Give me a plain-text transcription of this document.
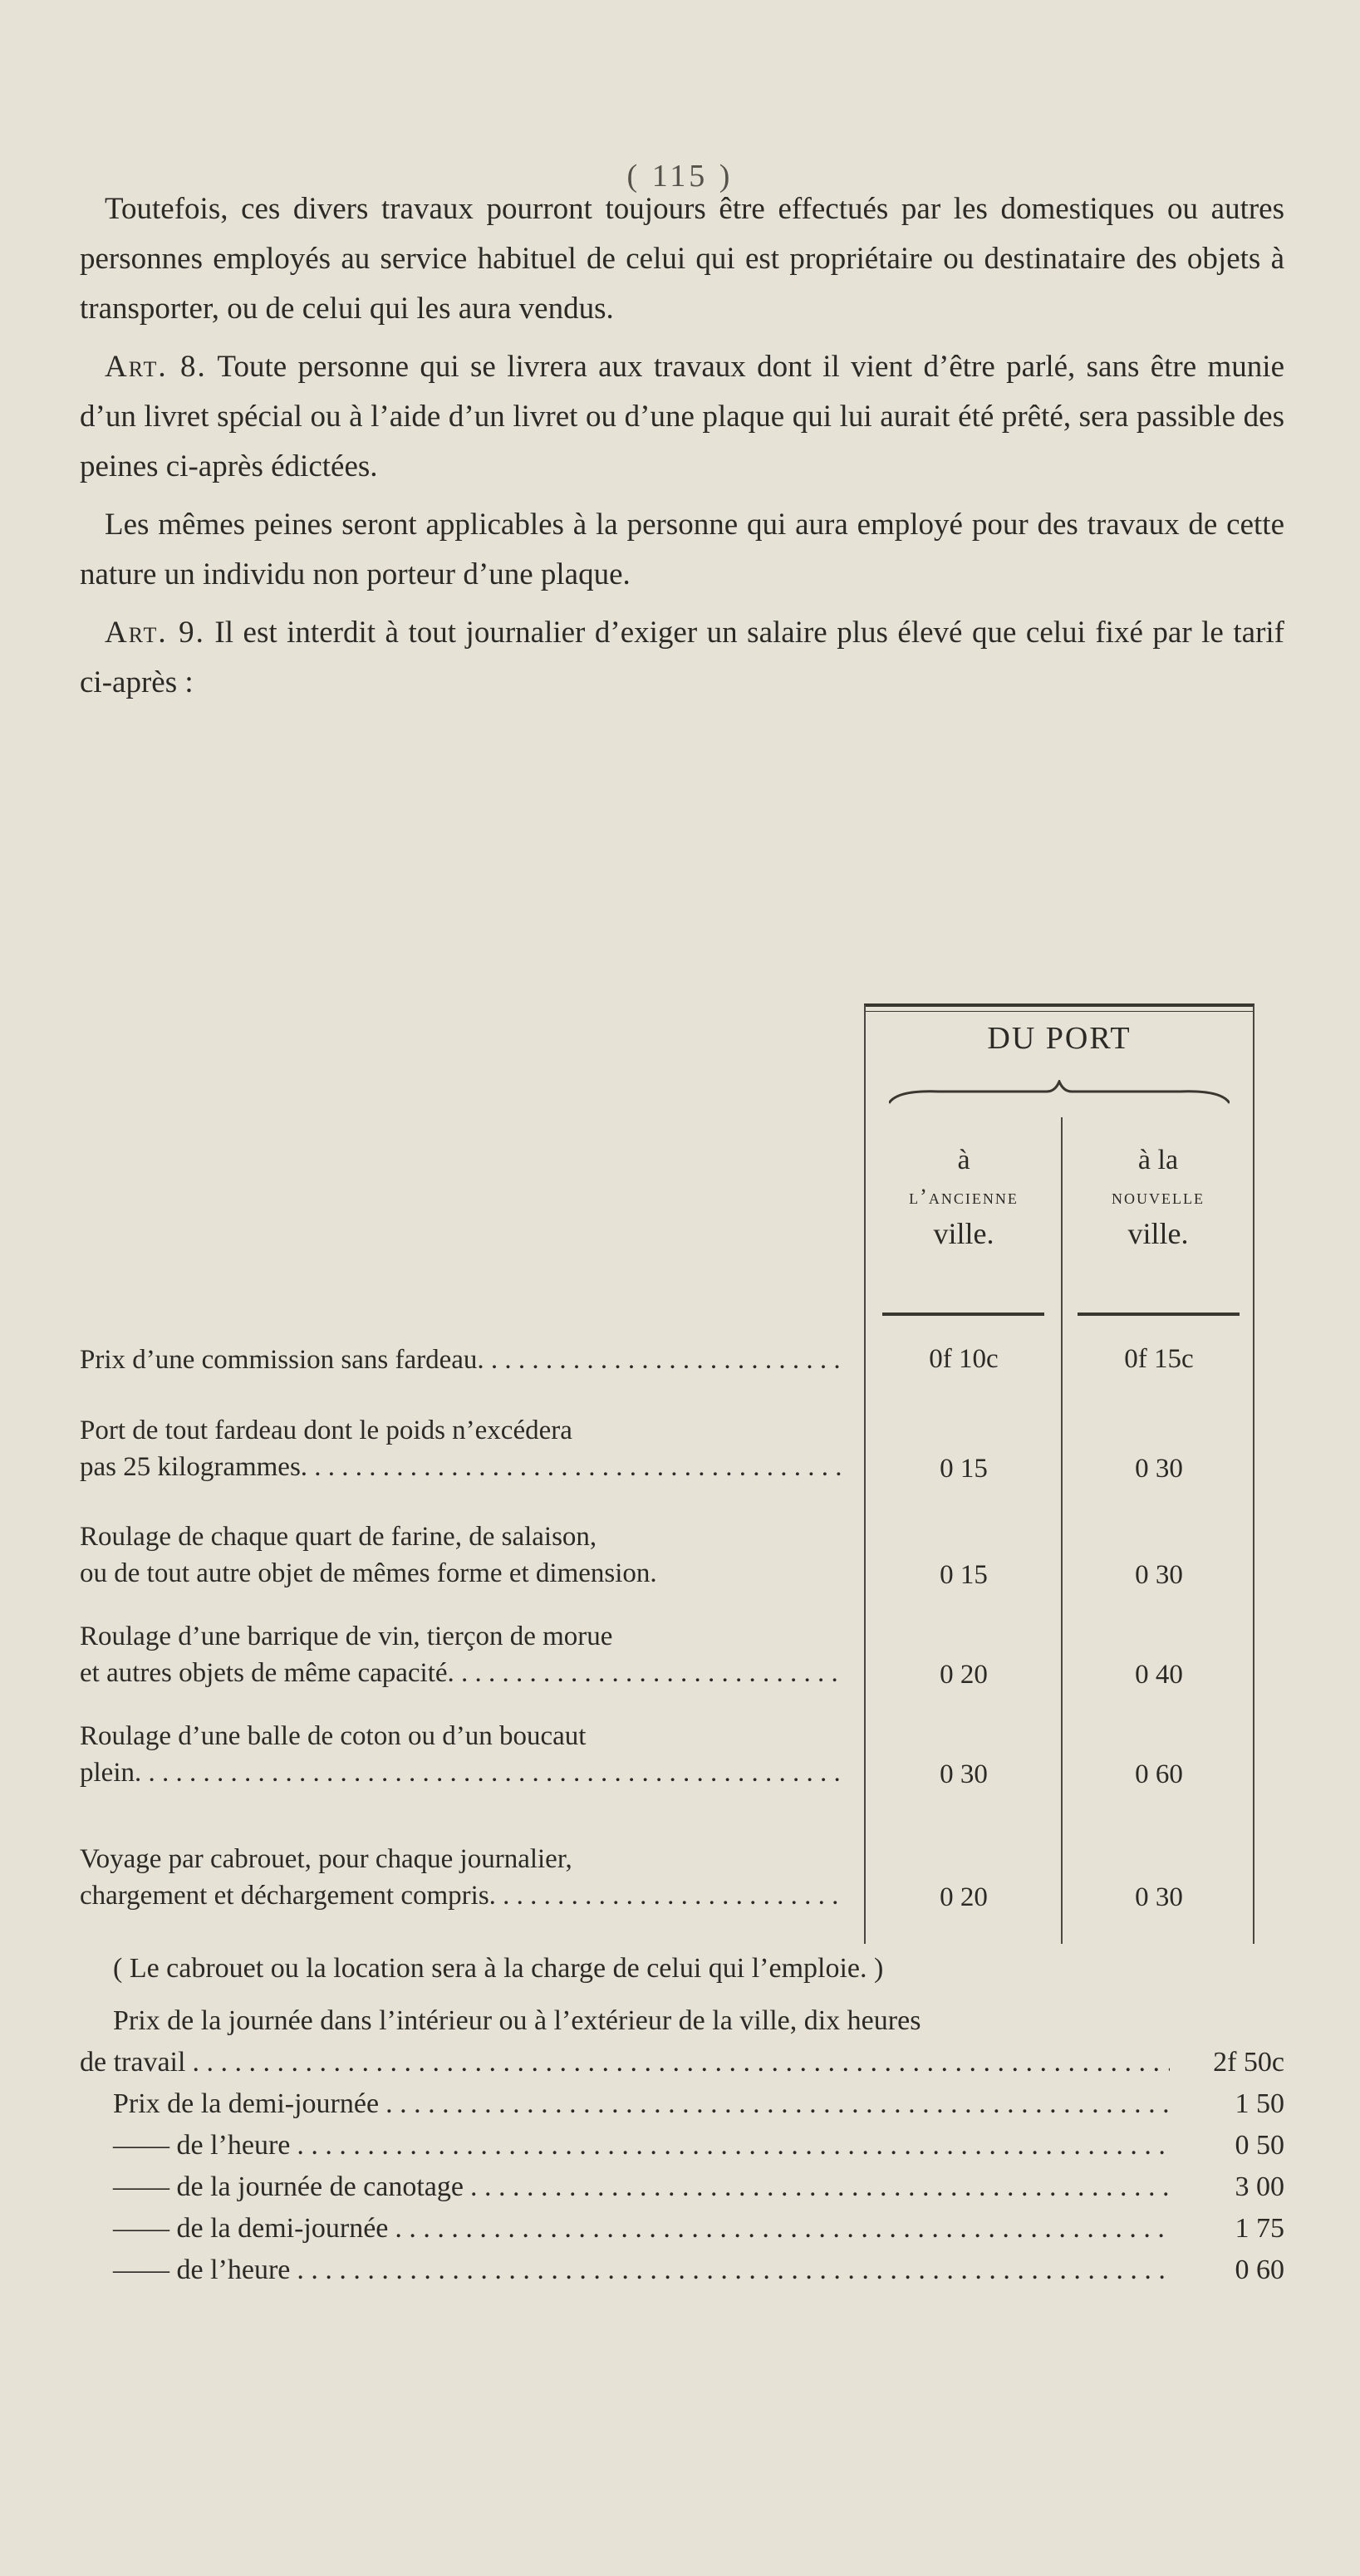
( 115 )

Toutefois, ces divers travaux pourront toujours être effectués par les domestiques ou autres personnes employés au service habituel de celui qui est propriétaire ou destinataire des objets à transporter, ou de celui qui les aura vendus.

Art. 8. Toute personne qui se livrera aux travaux dont il vient d’être parlé, sans être munie d’un livret spécial ou à l’aide d’un livret ou d’une plaque qui lui aurait été prêté, sera passible des peines ci-après édictées.

Les mêmes peines seront applicables à la personne qui aura employé pour des travaux de cette nature un individu non porteur d’une plaque.

Art. 9. Il est interdit à tout journalier d’exiger un salaire plus élevé que celui fixé par le tarif ci-après :

DU PORT
à
l’ancienne
ville.
à la
nouvelle
ville.
Prix d’une commission sans fardeau . . .	0f 10c	0f 15c
Port de tout fardeau dont le poids n’excédera
pas 25 kilogrammes . . .	0 15	0 30
Roulage de chaque quart de farine, de salaison,
ou de tout autre objet de mêmes forme et dimension.	0 15	0 30
Roulage d’une barrique de vin, tierçon de morue
et autres objets de même capacité . . .	0 20	0 40
Roulage d’une balle de coton ou d’un boucaut
plein . . .	0 30	0 60
Voyage par cabrouet, pour chaque journalier,
chargement et déchargement compris . . .	0 20	0 30
( Le cabrouet ou la location sera à la charge de celui qui l’emploie. )
Prix de la journée dans l’intérieur ou à l’extérieur de la ville, dix heures
de travail . . .	2f 50c
Prix de la demi-journée . . .	1 50
—— de l’heure . . .	0 50
—— de la journée de canotage . . .	3 00
—— de la demi-journée . . .	1 75
—— de l’heure . . .	0 60
